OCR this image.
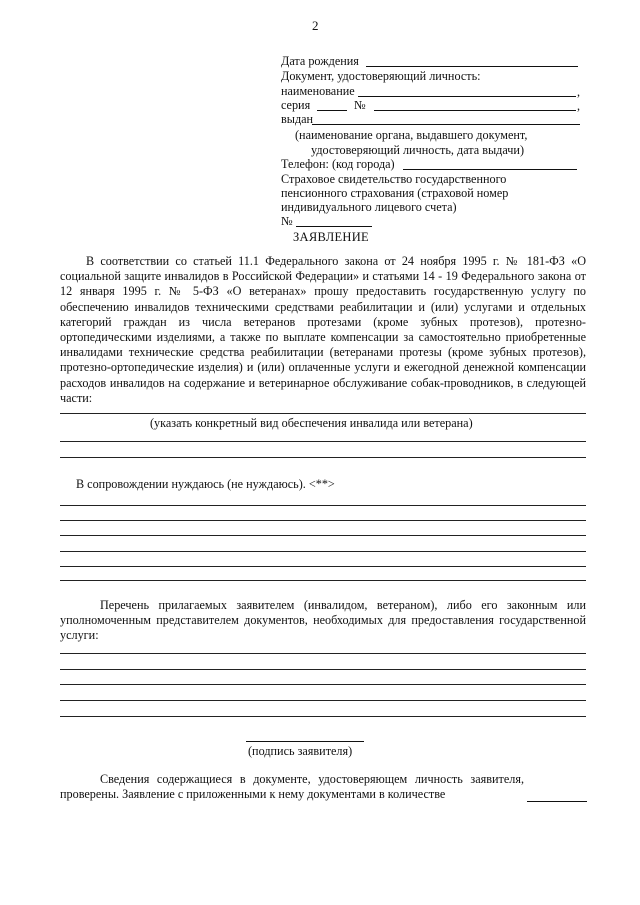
2
Дата рождения
Документ, удостоверяющий личность:
наименование	,
серия	№	,
выдан
(наименование органа, выдавшего документ,
удостоверяющий личность, дата выдачи)
Телефон: (код города)
Страховое свидетельство государственного
пенсионного страхования (страховой номер
индивидуального лицевого счета)
№
ЗАЯВЛЕНИЕ

В соответствии со статьей 11.1 Федерального закона от 24 ноября 1995 г. № 181-ФЗ «О социальной защите инвалидов в Российской Федерации» и статьями 14 - 19 Федерального закона от 12 января 1995 г. № 5-ФЗ «О ветеранах» прошу предоставить государственную услугу по обеспечению инвалидов техническими средствами реабилитации и (или) услугами и отдельных категорий граждан из числа ветеранов протезами (кроме зубных протезов), протезно-ортопедическими изделиями, а также по выплате компенсации за самостоятельно приобретенные инвалидами технические средства реабилитации (ветеранами протезы (кроме зубных протезов), протезно-ортопедические изделия) и (или) оплаченные услуги и ежегодной денежной компенсации расходов инвалидов на содержание и ветеринарное обслуживание собак-проводников, в следующей части:

(указать конкретный вид обеспечения инвалида или ветерана)
В сопровождении нуждаюсь (не нуждаюсь). <**>

Перечень прилагаемых заявителем (инвалидом, ветераном), либо его законным или уполномоченным представителем документов, необходимых для предоставления государственной услуги:

(подпись заявителя)

Сведения содержащиеся в документе, удостоверяющем личность заявителя, проверены. Заявление с приложенными к нему документами в количестве
